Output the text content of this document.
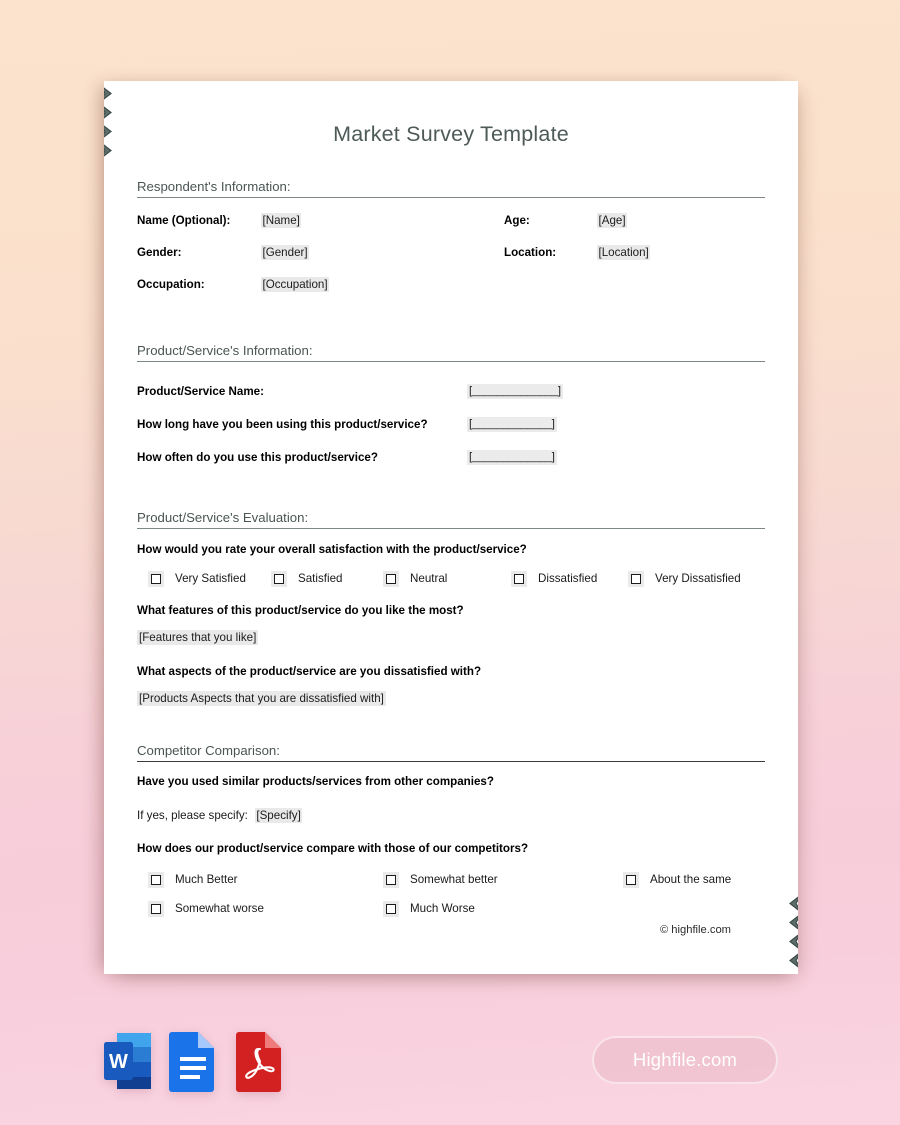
Market Survey Template
Respondent's Information:
Name (Optional):	[Name]	Age:	[Age]
Gender:	[Gender]	Location:	[Location]
Occupation:	[Occupation]
Product/Service's Information:
Product/Service Name:	[______________]
How long have you been using this product/service?	[_____________]
How often do you use this product/service?	[_____________]
Product/Service's Evaluation:
How would you rate your overall satisfaction with the product/service?
Very Satisfied	Satisfied	Neutral	Dissatisfied	Very Dissatisfied
What features of this product/service do you like the most?
[Features that you like]
What aspects of the product/service are you dissatisfied with?
[Products Aspects that you are dissatisfied with]
Competitor Comparison:
Have you used similar products/services from other companies?
If yes, please specify: [Specify]
How does our product/service compare with those of our competitors?
Much Better	Somewhat better	About the same
Somewhat worse	Much Worse
© highfile.com
W	Highfile.com
